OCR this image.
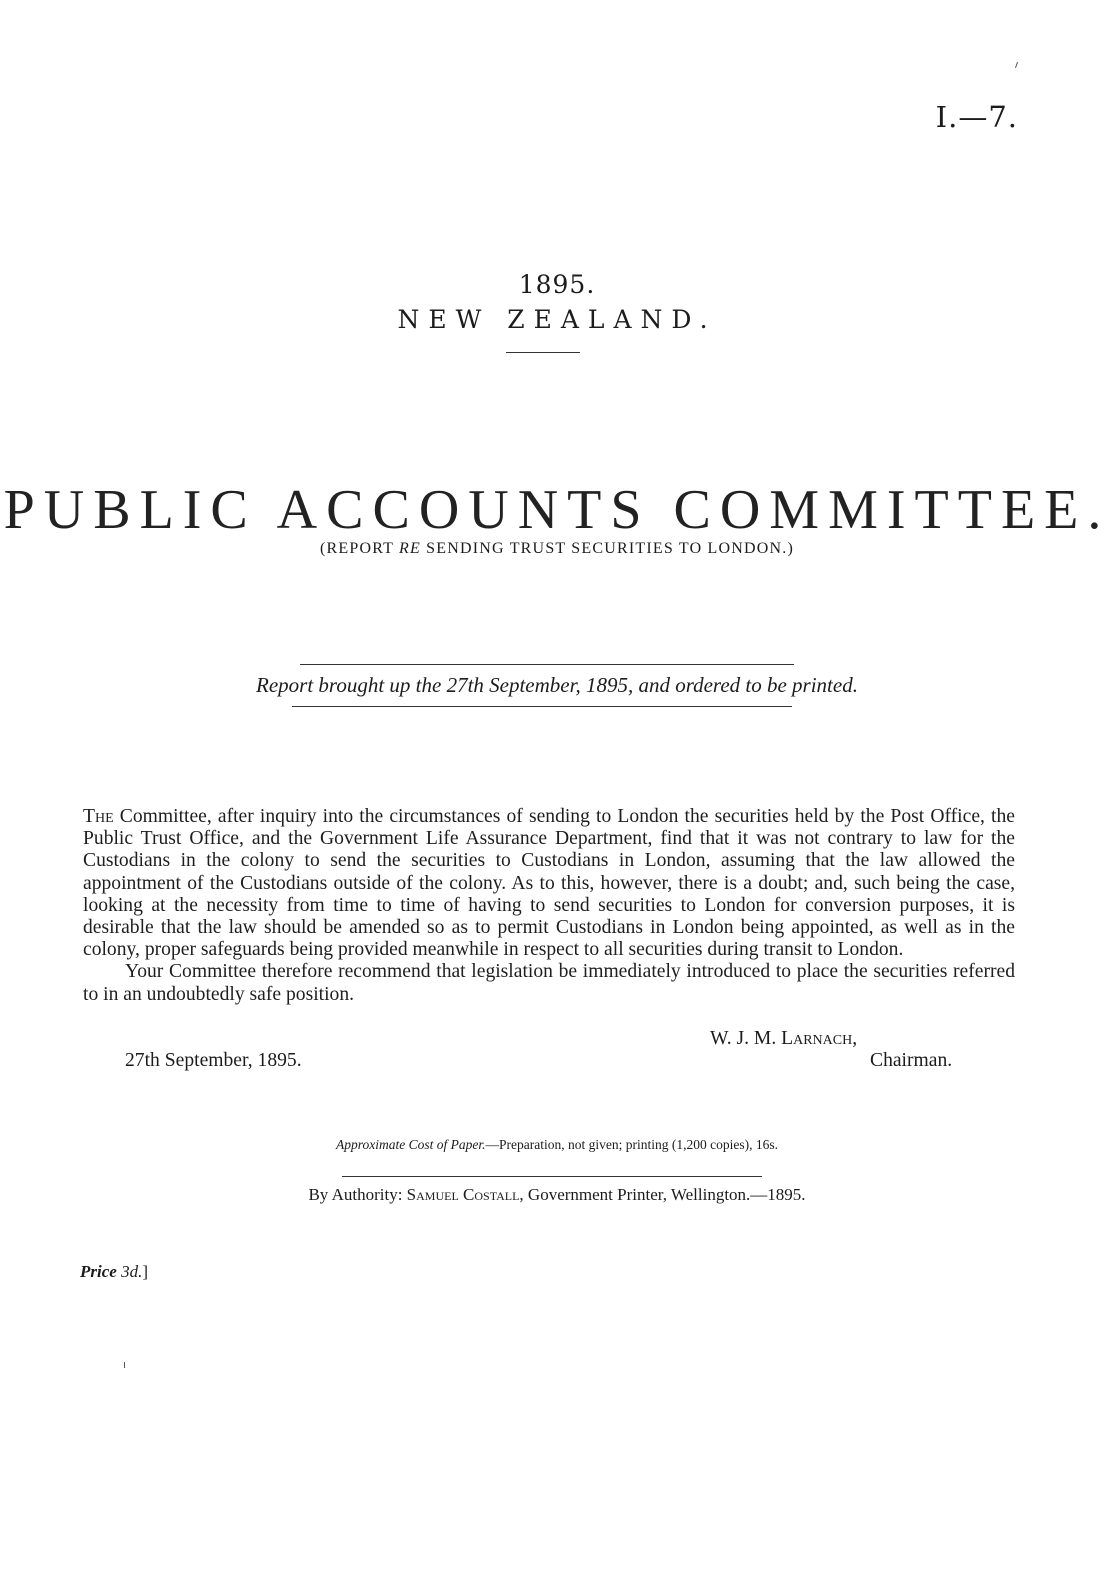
I.—7.
1895.
NEW ZEALAND.
PUBLIC ACCOUNTS COMMITTEE.
(REPORT RE SENDING TRUST SECURITIES TO LONDON.)
Report brought up the 27th September, 1895, and ordered to be printed.

The Committee, after inquiry into the circumstances of sending to London the securities held by the Post Office, the Public Trust Office, and the Government Life Assurance Department, find that it was not contrary to law for the Custodians in the colony to send the securities to Custodians in London, assuming that the law allowed the appointment of the Custodians outside of the colony. As to this, however, there is a doubt; and, such being the case, looking at the necessity from time to time of having to send securities to London for conversion purposes, it is desirable that the law should be amended so as to permit Custodians in London being appointed, as well as in the colony, proper safeguards being provided meanwhile in respect to all securities during transit to London.

Your Committee therefore recommend that legislation be immediately introduced to place the securities referred to in an undoubtedly safe position.

W. J. M. Larnach,
Chairman.
27th September, 1895.
Approximate Cost of Paper.—Preparation, not given; printing (1,200 copies), 16s.
By Authority: Samuel Costall, Government Printer, Wellington.—1895.
Price 3d.]
